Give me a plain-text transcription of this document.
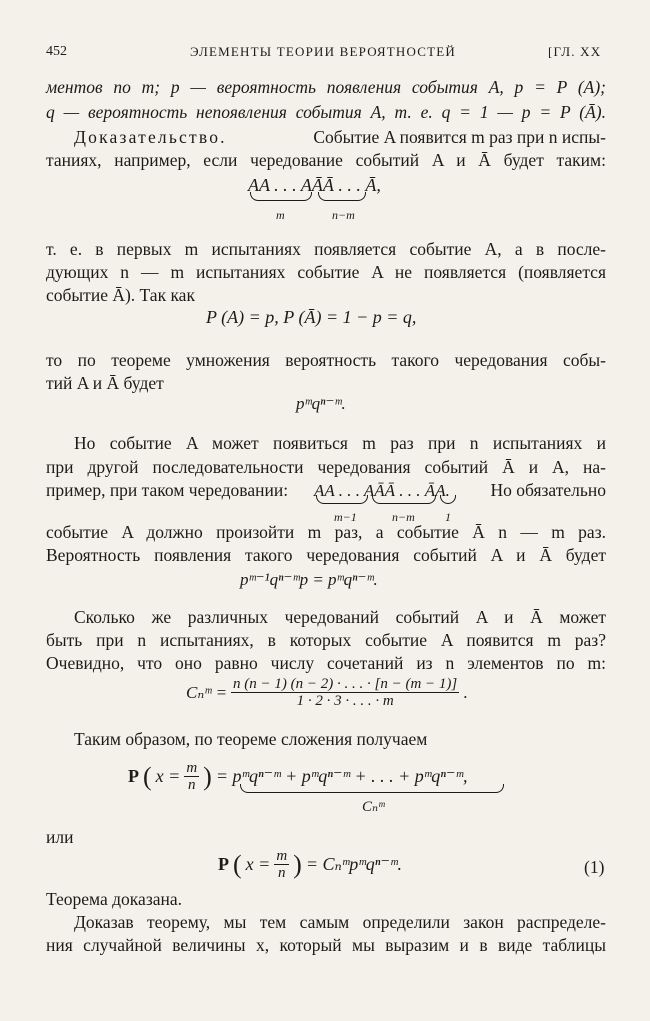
452	ЭЛЕМЕНТЫ ТЕОРИИ ВЕРОЯТНОСТЕЙ	[ГЛ. XX
ментов по m; p — вероятность появления события A, p = P (A);
q — вероятность непоявления события A, т. е. q = 1 — p = P (Ā).
Доказательство.	Событие A появится m раз при n испы-
таниях, например, если чередование событий A и Ā будет таким:
AA . . . AĀĀ . . . Ā,
m	n−m
т. е. в первых m испытаниях появляется событие A, а в после-
дующих n — m испытаниях событие A не появляется (появляется
событие Ā). Так как
P (A) = p, P (Ā) = 1 − p = q,
то по теореме умножения вероятность такого чередования собы-
тий A и Ā будет
pᵐqⁿ⁻ᵐ.
Но событие A может появиться m раз при n испытаниях и
при другой последовательности чередования событий Ā и A, на-
пример, при таком чередовании:	AA . . . AĀĀ . . . ĀA.	Но обязательно
m−1	n−m	1
событие A должно произойти m раз, а событие Ā n — m раз.
Вероятность появления такого чередования событий A и Ā будет
pᵐ⁻¹qⁿ⁻ᵐp = pᵐqⁿ⁻ᵐ.
Сколько же различных чередований событий A и Ā может
быть при n испытаниях, в которых событие A появится m раз?
Очевидно, что оно равно числу сочетаний из n элементов по m:
Cₙᵐ = $\frac{n (n - 1) (n - 2) \cdot . . . \cdot [n - (m - 1)]}{1 \cdot 2 \cdot 3 \cdot . . . \cdot m}$ .
Таким образом, по теореме сложения получаем
P ( $x = \frac{m}{n}$ ) = pᵐqⁿ⁻ᵐ + pᵐqⁿ⁻ᵐ + . . . + pᵐqⁿ⁻ᵐ,
Cₙᵐ
или
P ( $x = \frac{m}{n}$ ) = Cₙᵐpᵐqⁿ⁻ᵐ.	(1)
Теорема доказана.
Доказав теорему, мы тем самым определили закон распределе-
ния случайной величины x, который мы выразим и в виде таблицы
